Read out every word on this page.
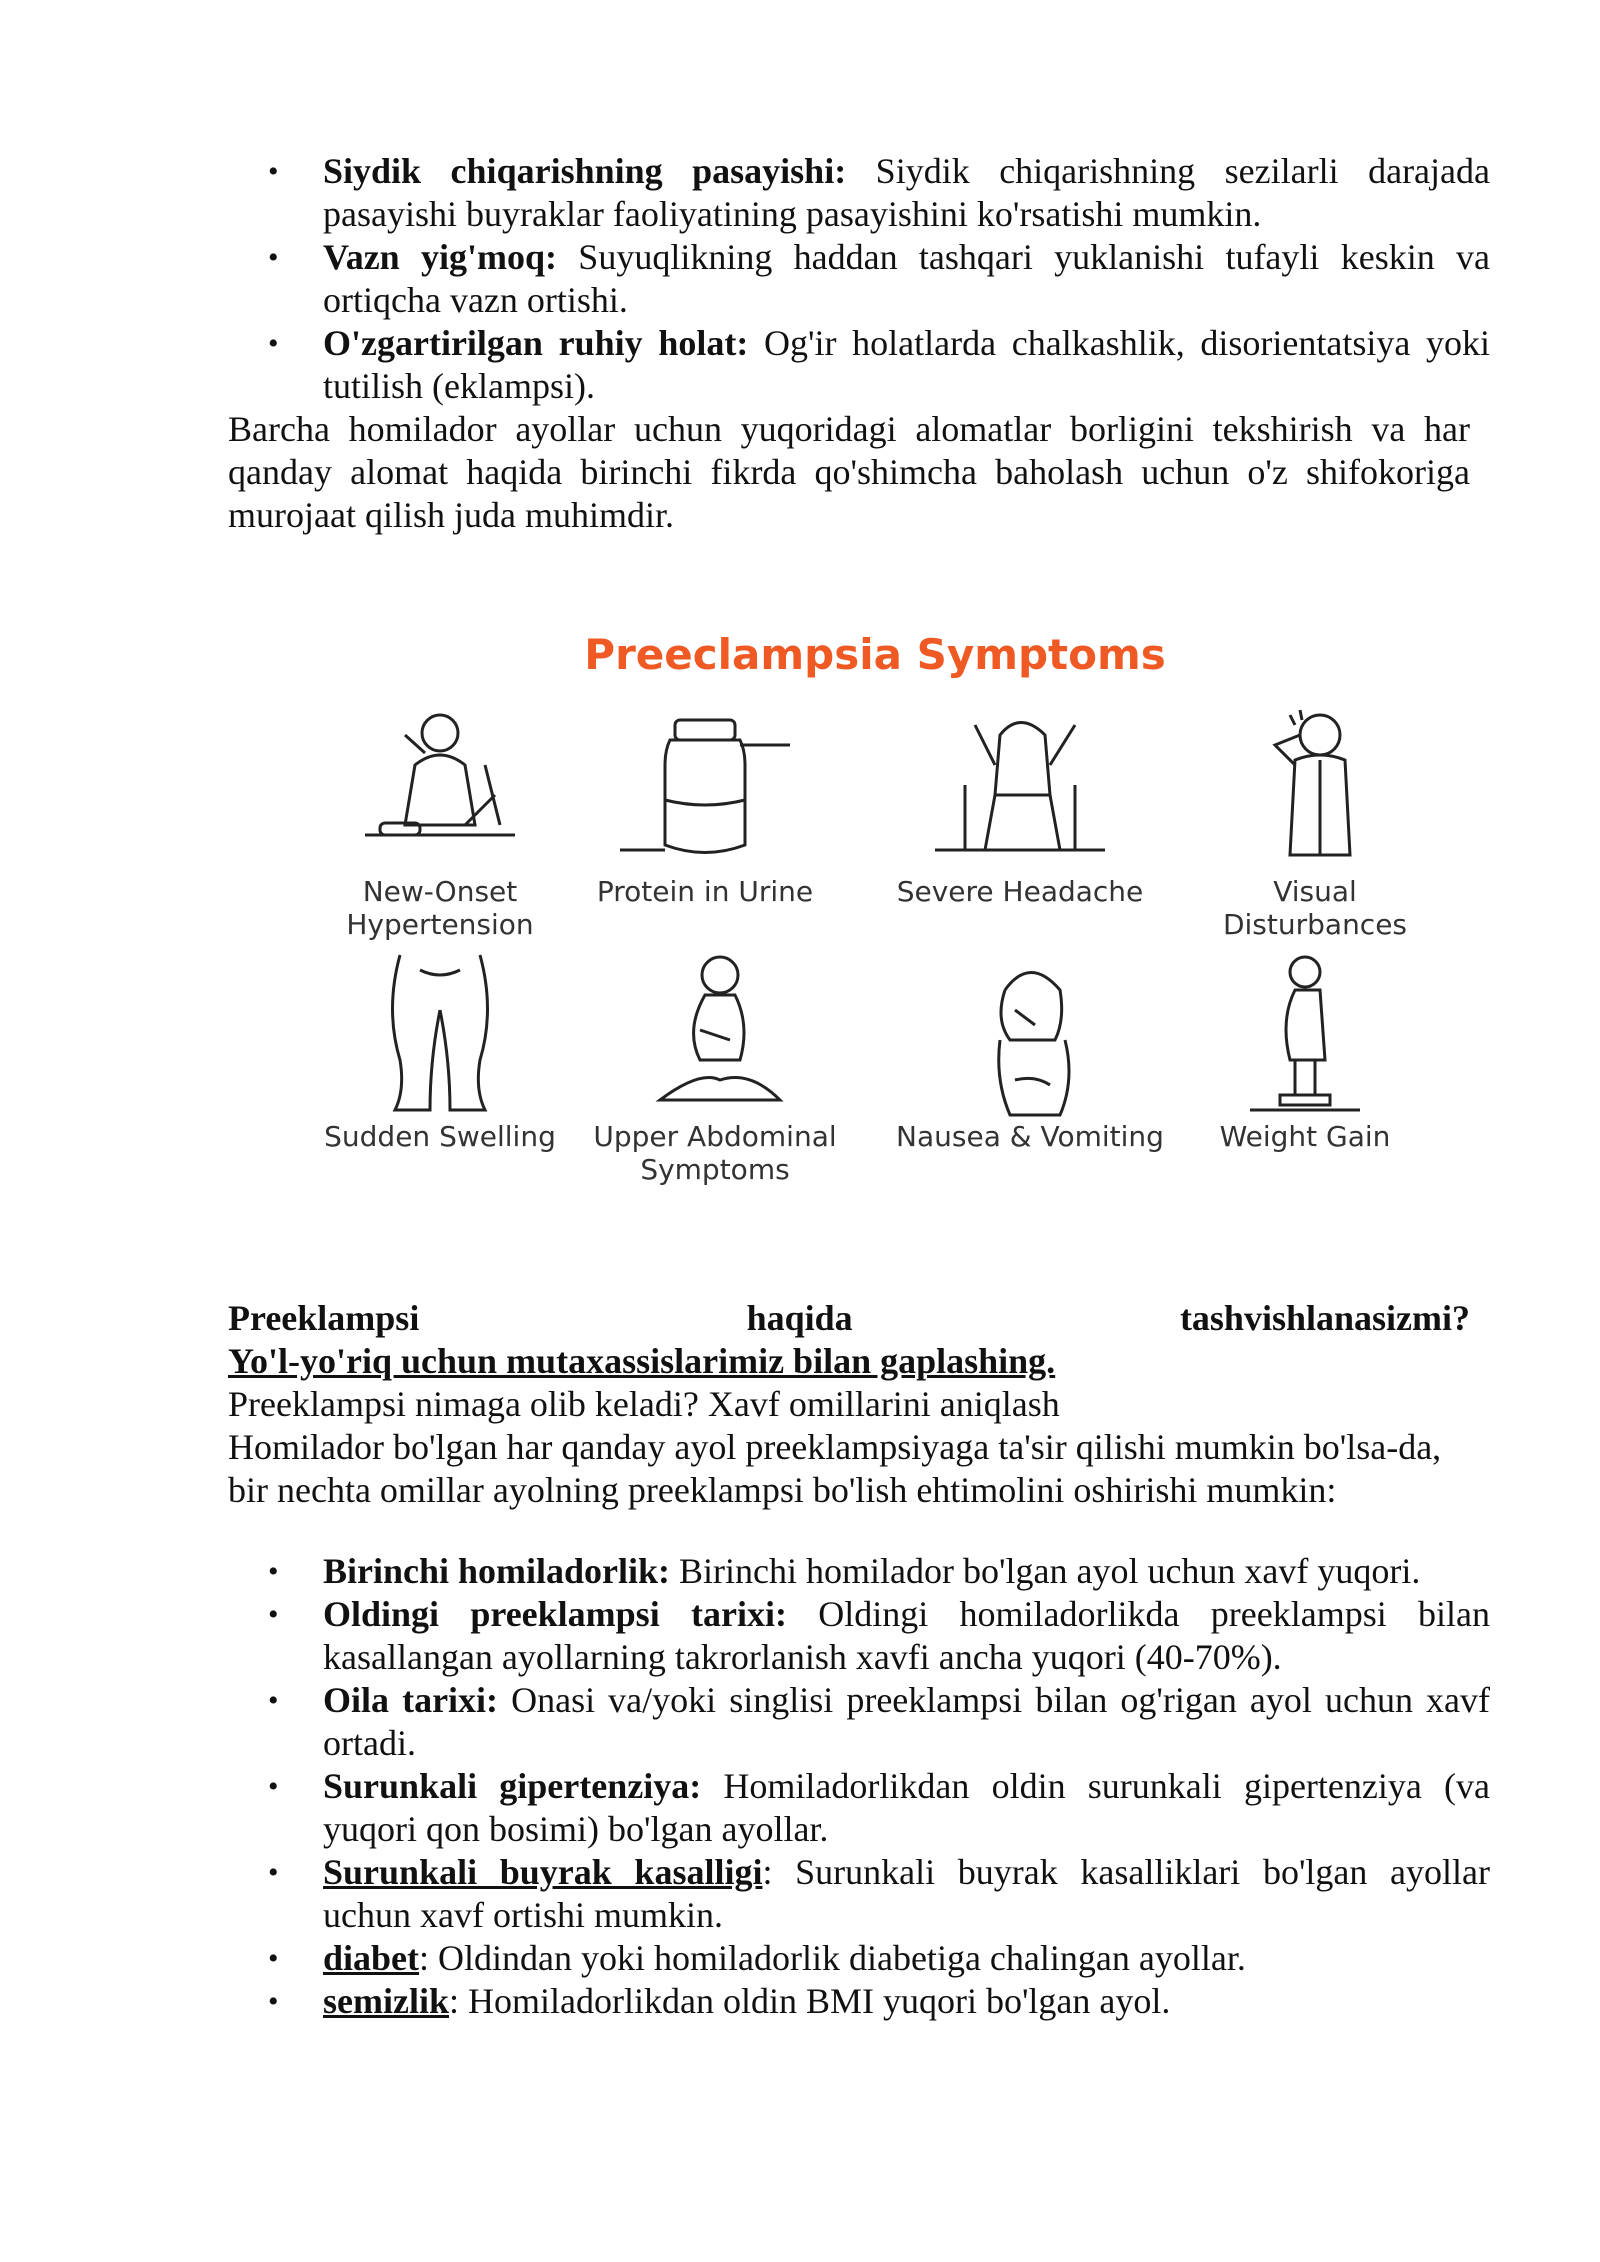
• Siydik chiqarishning pasayishi: Siydik chiqarishning sezilarli darajada pasayishi buyraklar faoliyatining pasayishini ko'rsatishi mumkin.
• Vazn yig'moq: Suyuqlikning haddan tashqari yuklanishi tufayli keskin va ortiqcha vazn ortishi.
• O'zgartirilgan ruhiy holat: Og'ir holatlarda chalkashlik, disorientatsiya yoki tutilish (eklampsi).

Barcha homilador ayollar uchun yuqoridagi alomatlar borligini tekshirish va har qanday alomat haqida birinchi fikrda qo'shimcha baholash uchun o'z shifokoriga murojaat qilish juda muhimdir.

Preeclampsia Symptoms
New-Onset
Hypertension
Protein in Urine	Severe Headache	Visual
Disturbances
Sudden Swelling	Upper Abdominal
Symptoms
Nausea & Vomiting	Weight Gain

Preeklampsi	haqida	tashvishlanasizmi?

Yo'l-yo'riq uchun mutaxassislarimiz bilan gaplashing.

Preeklampsi nimaga olib keladi? Xavf omillarini aniqlash

Homilador bo'lgan har qanday ayol preeklampsiyaga ta'sir qilishi mumkin bo'lsa-da, bir nechta omillar ayolning preeklampsi bo'lish ehtimolini oshirishi mumkin:

• Birinchi homiladorlik: Birinchi homilador bo'lgan ayol uchun xavf yuqori.
• Oldingi preeklampsi tarixi: Oldingi homiladorlikda preeklampsi bilan kasallangan ayollarning takrorlanish xavfi ancha yuqori (40-70%).
• Oila tarixi: Onasi va/yoki singlisi preeklampsi bilan og'rigan ayol uchun xavf ortadi.
• Surunkali gipertenziya: Homiladorlikdan oldin surunkali gipertenziya (va yuqori qon bosimi) bo'lgan ayollar.
• Surunkali buyrak kasalligi: Surunkali buyrak kasalliklari bo'lgan ayollar uchun xavf ortishi mumkin.
• diabet: Oldindan yoki homiladorlik diabetiga chalingan ayollar.
• semizlik: Homiladorlikdan oldin BMI yuqori bo'lgan ayol.
